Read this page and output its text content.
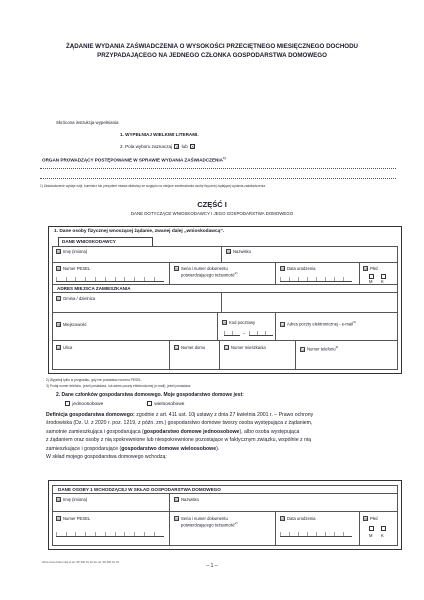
ŻĄDANIE WYDANIA ZAŚWIADCZENIA O WYSOKOŚCI PRZECIĘTNEGO MIESIĘCZNEGO DOCHODU
PRZYPADAJĄCEGO NA JEDNEGO CZŁONKA GOSPODARSTWA DOMOWEGO
Skrócona instrukcja wypełniania
1. WYPEŁNIAJ WIELKIMI LITERAMI.
2. Pola wyboru zaznaczaj V lub X
ORGAN PROWADZĄCY POSTĘPOWANIE W SPRAWIE WYDANIA ZAŚWIADCZENIA$^{1)}$
1) Zaświadczenie wydaje wójt, burmistrz lub prezydent miasta właściwy ze względu na miejsce zamieszkania osoby fizycznej żądającej wydania zaświadczenia.
CZĘŚĆ I
DANE DOTYCZĄCE WNIOSKODAWCY I JEGO GOSPODARSTWA DOMOWEGO
1. Dane osoby fizycznej wnoszącej żądanie, zwanej dalej „wnioskodawcą”.
DANE WNIOSKODAWCY
01 Imię (imiona)	02 Nazwisko
03 Numer PESEL	04 Seria i numer dokumentu
potwierdzającego tożsamość$^{2)}$
05 Data urodzenia	06 Płeć
M K
ADRES MIEJSCA ZAMIESZKANIA
07 Gmina / dzielnica
08 Miejscowość	09 Kod pocztowy
–
10 Adres poczty elektronicznej - e-mail$^{3)}$
11 Ulica	12 Numer domu	13 Numer mieszkania	14 Numer telefonu$^{3)}$
2) Wypełnij tylko w przypadku, gdy nie posiadasz numeru PESEL.
3) Podaj numer telefonu, jeżeli posiadasz, lub adres poczty elektronicznej (e-mail), jeżeli posiadasz.
2. Dane członków gospodarstwa domowego. Moje gospodarstwo domowe jest:
jednoosobowe	wieloosobowe
Definicja gospodarstwa domowego: zgodnie z art. 411 ust. 10j ustawy z dnia 27 kwietnia 2001 r. – Prawo ochrony
środowiska (Dz. U. z 2020 r. poz. 1219, z późn. zm.) gospodarstwo domowe tworzy osoba występująca z żądaniem,
samotnie zamieszkująca i gospodarująca (gospodarstwo domowe jednoosobowe), albo osoba występująca
z żądaniem oraz osoby z nią spokrewnione lub niespokrewnione pozostające w faktycznym związku, wspólnie z nią
zamieszkujące i gospodarujące (gospodarstwo domowe wieloosobowe).
W skład mojego gospodarstwa domowego wchodzą:
DANE OSOBY 1 WCHODZĄCEJ W SKŁAD GOSPODARSTWA DOMOWEGO
01 Imię (imiona)	02 Nazwisko
03 Numer PESEL	04 Seria i numer dokumentu
potwierdzającego tożsamość$^{2)}$
05 Data urodzenia	06 Płeć
M K
WLA www.druki-mkia.pl tel. 58 300 91 32 fax tel. 58 300 91 33
– 1 –
